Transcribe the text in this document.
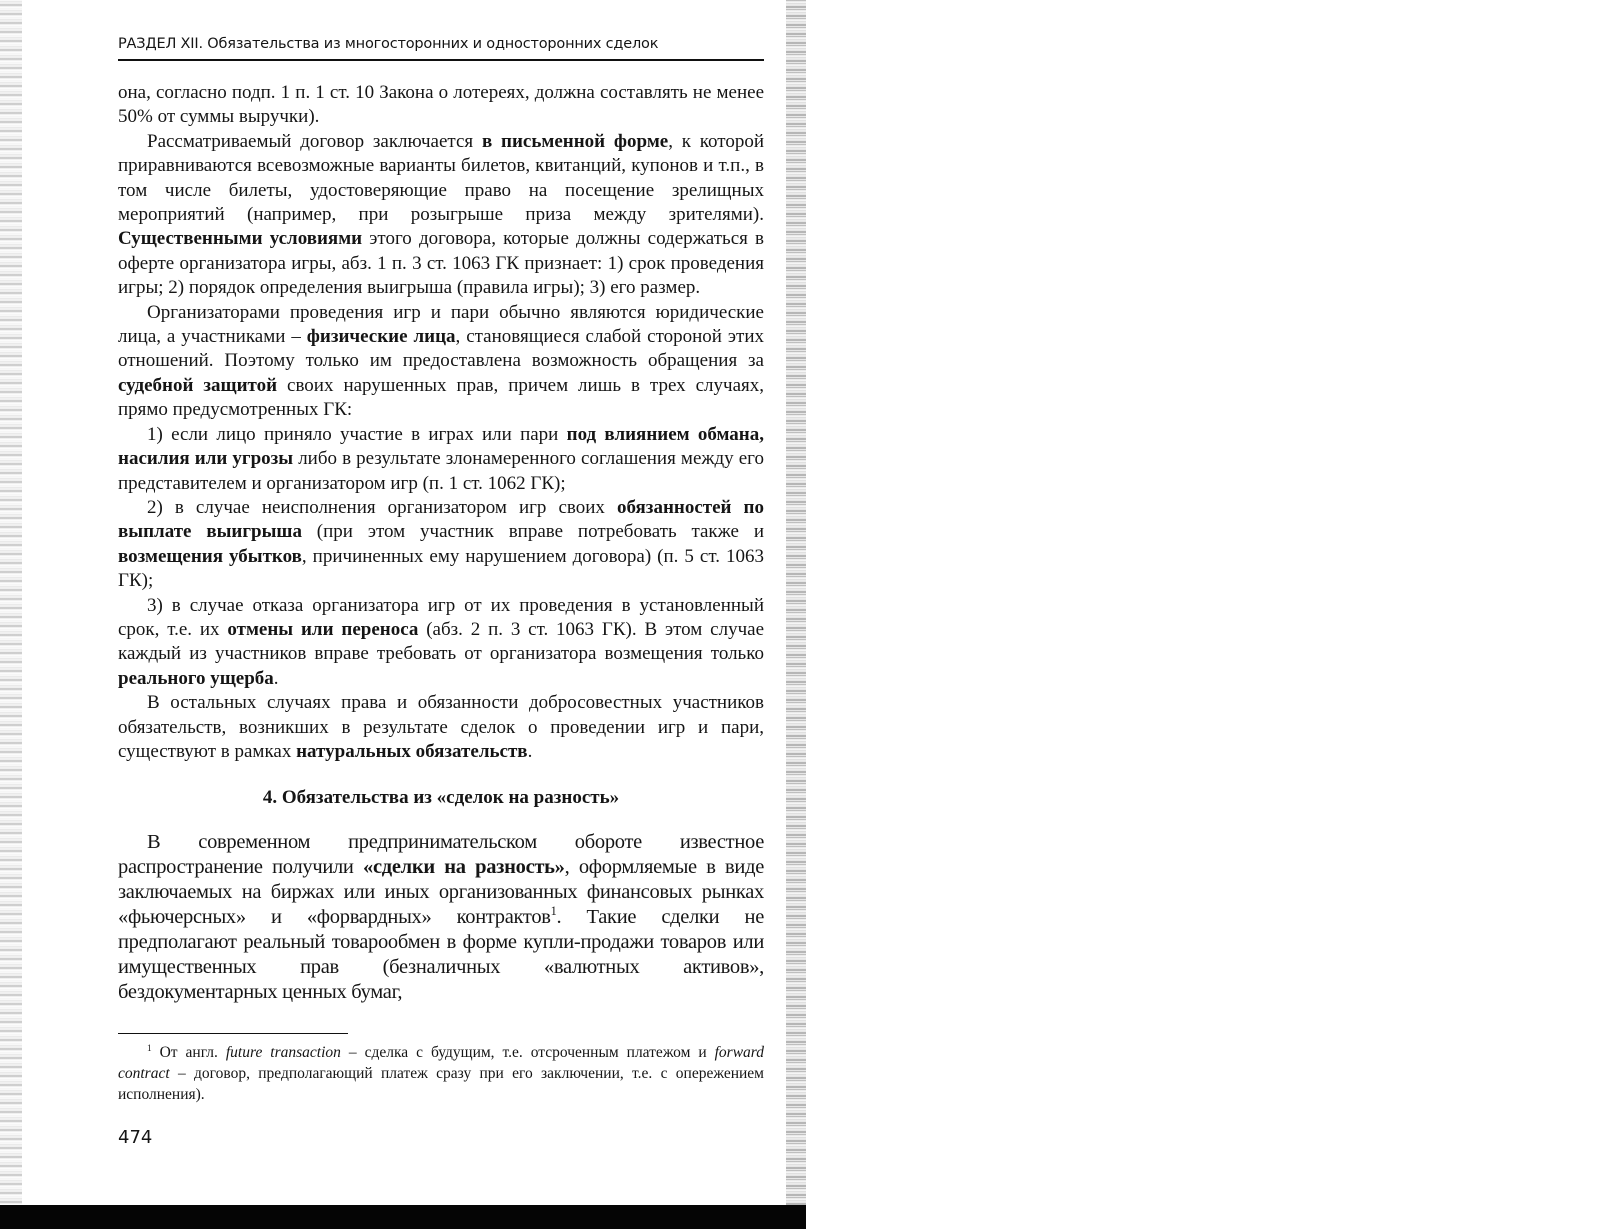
РАЗДЕЛ XII. Обязательства из многосторонних и односторонних сделок

она, согласно подп. 1 п. 1 ст. 10 Закона о лотереях, должна составлять не менее 50% от суммы выручки).

Рассматриваемый договор заключается в письменной форме, к которой приравниваются всевозможные варианты билетов, квитанций, купонов и т.п., в том числе билеты, удостоверяющие право на посещение зрелищных мероприятий (например, при розыгрыше приза между зрителями). Существенными условиями этого договора, которые должны содержаться в оферте организатора игры, абз. 1 п. 3 ст. 1063 ГК признает: 1) срок проведения игры; 2) порядок определения выигрыша (правила игры); 3) его размер.

Организаторами проведения игр и пари обычно являются юридические лица, а участниками – физические лица, становящиеся слабой стороной этих отношений. Поэтому только им предоставлена возможность обращения за судебной защитой своих нарушенных прав, причем лишь в трех случаях, прямо предусмотренных ГК:

1) если лицо приняло участие в играх или пари под влиянием обмана, насилия или угрозы либо в результате злонамеренного соглашения между его представителем и организатором игр (п. 1 ст. 1062 ГК);

2) в случае неисполнения организатором игр своих обязанностей по выплате выигрыша (при этом участник вправе потребовать также и возмещения убытков, причиненных ему нарушением договора) (п. 5 ст. 1063 ГК);

3) в случае отказа организатора игр от их проведения в установленный срок, т.е. их отмены или переноса (абз. 2 п. 3 ст. 1063 ГК). В этом случае каждый из участников вправе требовать от организатора возмещения только реального ущерба.

В остальных случаях права и обязанности добросовестных участников обязательств, возникших в результате сделок о проведении игр и пари, существуют в рамках натуральных обязательств.

4. Обязательства из «сделок на разность»

В современном предпринимательском обороте известное распространение получили «сделки на разность», оформляемые в виде заключаемых на биржах или иных организованных финансовых рынках «фьючерсных» и «форвардных» контрактов$^1$. Такие сделки не предполагают реальный товарообмен в форме купли-продажи товаров или имущественных прав (безналичных «валютных активов», бездокументарных ценных бумаг,

$^1$ От англ. future transaction – сделка с будущим, т.е. отсроченным платежом и forward contract – договор, предполагающий платеж сразу при его заключении, т.е. с опережением исполнения).
474
